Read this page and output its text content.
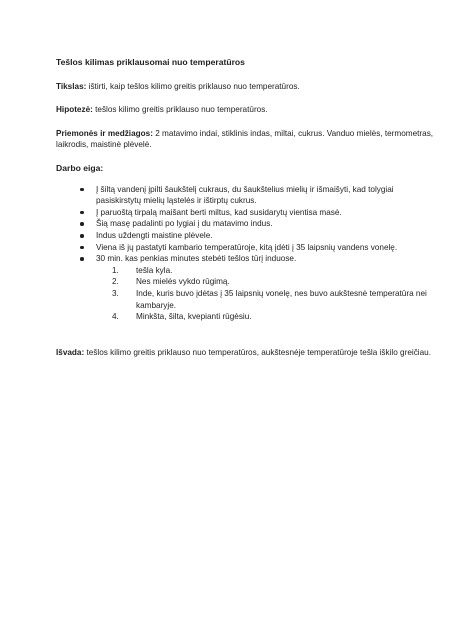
Tešlos kilimas priklausomai nuo temperatūros
Tikslas: ištirti, kaip tešlos kilimo greitis priklauso nuo temperatūros.
Hipotezė: tešlos kilimo greitis priklauso nuo temperatūros.
Priemonės ir medžiagos: 2 matavimo indai, stiklinis indas, miltai, cukrus. Vanduo mielės, termometras, laikrodis, maistinė plėvelė.
Darbo eiga:
Į šiltą vandenį įpilti šaukštelį cukraus, du šaukštelius mielių ir išmaišyti, kad tolygiai pasiskirstytų mielių ląstelės ir ištirptų cukrus.
Į paruoštą tirpalą maišant berti miltus, kad susidarytų vientisa masė.
Šią masę padalinti po lygiai į du matavimo indus.
Indus uždengti maistine plėvele.
Viena iš jų pastatyti kambario temperatūroje, kitą įdėti į 35 laipsnių vandens vonelę.
30 min. kas penkias minutes stebėti tešlos tūrį induose.
1. tešla kyla.
2. Nes mielės vykdo rūgimą.
3. Inde, kuris buvo įdėtas į 35 laipsnių vonelę, nes buvo aukštesnė temperatūra nei kambaryje.
4. Minkšta, šilta, kvepianti rūgėsiu.
Išvada: tešlos kilimo greitis priklauso nuo temperatūros, aukštesnėje temperatūroje tešla iškilo greičiau.
